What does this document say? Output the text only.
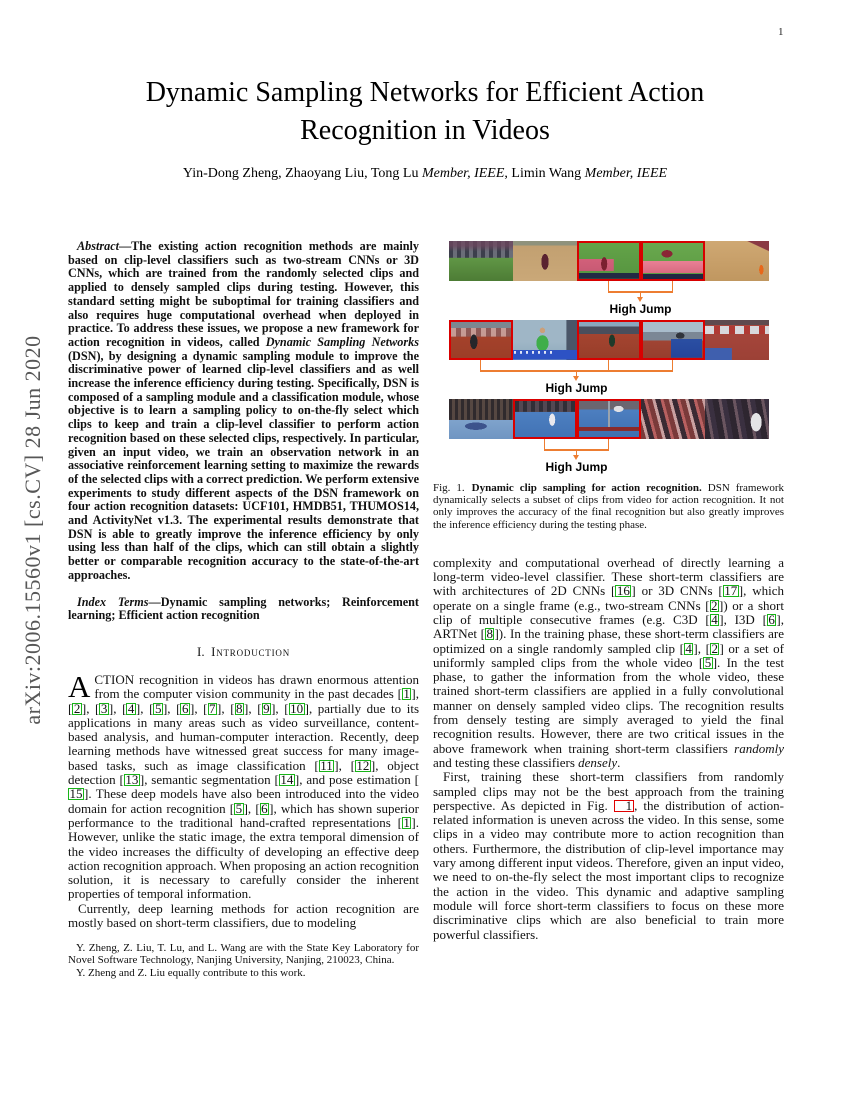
1
arXiv:2006.15560v1 [cs.CV] 28 Jun 2020
Dynamic Sampling Networks for Efficient Action Recognition in Videos
Yin-Dong Zheng, Zhaoyang Liu, Tong Lu Member, IEEE, Limin Wang Member, IEEE

Abstract—The existing action recognition methods are mainly based on clip-level classifiers such as two-stream CNNs or 3D CNNs, which are trained from the randomly selected clips and applied to densely sampled clips during testing. However, this standard setting might be suboptimal for training classifiers and also requires huge computational overhead when deployed in practice. To address these issues, we propose a new framework for action recognition in videos, called Dynamic Sampling Networks (DSN), by designing a dynamic sampling module to improve the discriminative power of learned clip-level classifiers and as well increase the inference efficiency during testing. Specifically, DSN is composed of a sampling module and a classification module, whose objective is to learn a sampling policy to on-the-fly select which clips to keep and train a clip-level classifier to perform action recognition based on these selected clips, respectively. In particular, given an input video, we train an observation network in an associative reinforcement learning setting to maximize the rewards of the selected clips with a correct prediction. We perform extensive experiments to study different aspects of the DSN framework on four action recognition datasets: UCF101, HMDB51, THUMOS14, and ActivityNet v1.3. The experimental results demonstrate that DSN is able to greatly improve the inference efficiency by only using less than half of the clips, which can still obtain a slightly better or comparable recognition accuracy to the state-of-the-art approaches.

Index Terms—Dynamic sampling networks; Reinforcement learning; Efficient action recognition

I. Introduction

ACTION recognition in videos has drawn enormous attention from the computer vision community in the past decades [ 1 ], [ 2 ], [ 3 ], [ 4 ], [ 5 ], [ 6 ], [ 7 ], [ 8 ], [ 9 ], [ 10 ], partially due to its applications in many areas such as video surveillance, content-based analysis, and human-computer interaction. Recently, deep learning methods have witnessed great success for many image-based tasks, such as image classification [ 11 ], [ 12 ], object detection [ 13 ], semantic segmentation [ 14 ], and pose estimation [15 ]. These deep models have also been introduced into the video domain for action recognition [ 5 ], [ 6 ], which has shown superior performance to the traditional hand-crafted representations [ 1 ]. However, unlike the static image, the extra temporal dimension of the video increases the difficulty of developing an effective deep action recognition approach. When proposing an action recognition solution, it is necessary to carefully consider the inherent properties of temporal information.

Currently, deep learning methods for action recognition are mostly based on short-term classifiers, due to modeling

Y. Zheng, Z. Liu, T. Lu, and L. Wang are with the State Key Laboratory for Novel Software Technology, Nanjing University, Nanjing, 210023, China.

Y. Zheng and Z. Liu equally contribute to this work.

High Jump
High Jump
High Jump

Fig. 1. Dynamic clip sampling for action recognition. DSN framework dynamically selects a subset of clips from video for action recognition. It not only improves the accuracy of the final recognition but also greatly improves the inference efficiency during the testing phase.

complexity and computational overhead of directly learning a long-term video-level classifier. These short-term classifiers are with architectures of 2D CNNs [ 16 ] or 3D CNNs [ 17 ], which operate on a single frame (e.g., two-stream CNNs [ 2 ]) or a short clip of multiple consecutive frames (e.g. C3D [ 4 ], I3D [ 6 ], ARTNet [ 8 ]). In the training phase, these short-term classifiers are optimized on a single randomly sampled clip [ 4 ], [ 2 ] or a set of uniformly sampled clips from the whole video [ 5 ]. In the test phase, to gather the information from the whole video, these trained short-term classifiers are applied in a fully convolutional manner on densely sampled video clips. The recognition results from densely testing are simply averaged to yield the final recognition results. However, there are two critical issues in the above framework when training short-term classifiers randomly and testing these classifiers densely.

First, training these short-term classifiers from randomly sampled clips may not be the best approach from the training perspective. As depicted in Fig. 1 , the distribution of action-related information is uneven across the video. In this sense, some clips in a video may contribute more to action recognition than others. Furthermore, the distribution of clip-level importance may vary among different input videos. Therefore, given an input video, we need to on-the-fly select the most important clips to recognize the action in the video. This dynamic and adaptive sampling module will force short-term classifiers to focus on these more discriminative clips which are also beneficial to train more powerful classifiers.
